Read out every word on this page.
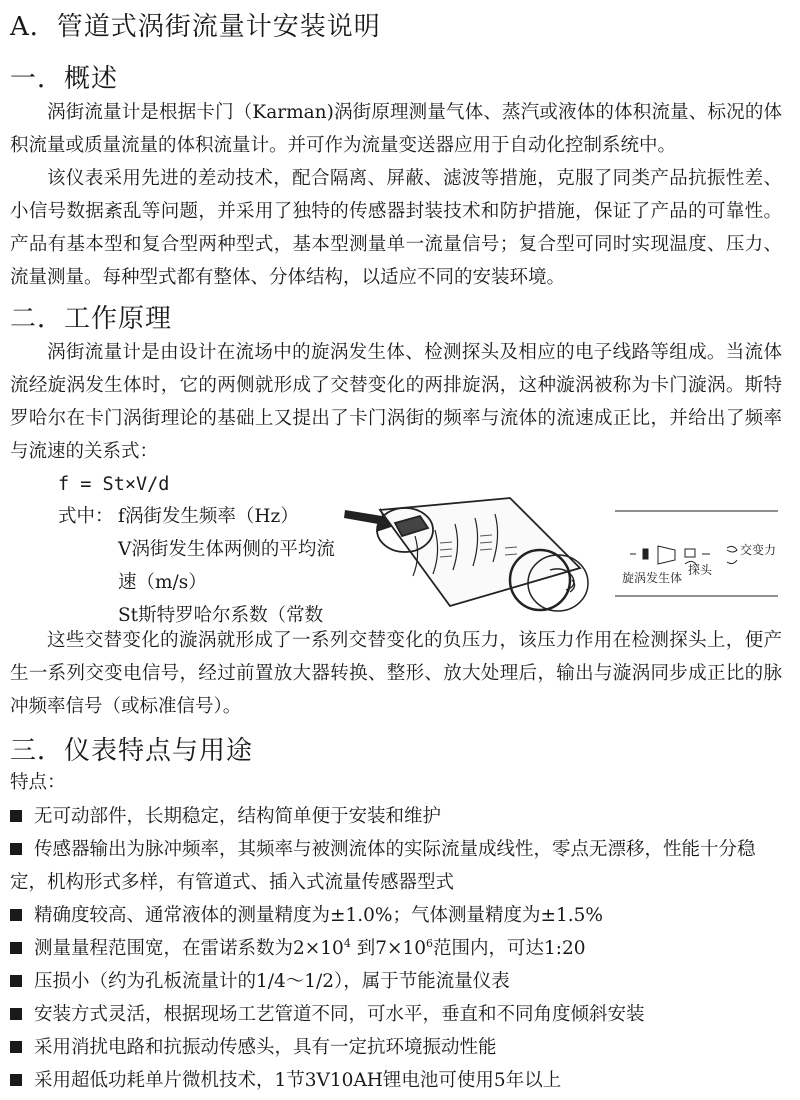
A．管道式涡街流量计安装说明
一．概述

涡街流量计是根据卡门（Karman)涡街原理测量气体、蒸汽或液体的体积流量、标况的体积流量或质量流量的体积流量计。并可作为流量变送器应用于自动化控制系统中。

该仪表采用先进的差动技术，配合隔离、屏蔽、滤波等措施，克服了同类产品抗振性差、小信号数据紊乱等问题，并采用了独特的传感器封装技术和防护措施，保证了产品的可靠性。产品有基本型和复合型两种型式，基本型测量单一流量信号；复合型可同时实现温度、压力、流量测量。每种型式都有整体、分体结构，以适应不同的安装环境。

二．工作原理

涡街流量计是由设计在流场中的旋涡发生体、检测探头及相应的电子线路等组成。当流体流经旋涡发生体时，它的两侧就形成了交替变化的两排旋涡，这种漩涡被称为卡门漩涡。斯特罗哈尔在卡门涡街理论的基础上又提出了卡门涡街的频率与流体的流速成正比，并给出了频率与流速的关系式：

f = St×V/d
式中： f涡街发生频率（Hz）
V涡街发生体两侧的平均流
速（m/s）
St斯特罗哈尔系数（常数
旋涡发生体
探头
交变力

这些交替变化的漩涡就形成了一系列交替变化的负压力，该压力作用在检测探头上，便产生一系列交变电信号，经过前置放大器转换、整形、放大处理后，输出与漩涡同步成正比的脉冲频率信号（或标准信号）。

三．仪表特点与用途
特点：

无可动部件，长期稳定，结构简单便于安装和维护

传感器输出为脉冲频率，其频率与被测流体的实际流量成线性，零点无漂移，性能十分稳定，机构形式多样，有管道式、插入式流量传感器型式

精确度较高、通常液体的测量精度为±1.0%；气体测量精度为±1.5%

测量量程范围宽，在雷诺系数为$2\times 10^4$ 到$7\times 10^6$范围内，可达1:20

压损小（约为孔板流量计的1/4～1/2），属于节能流量仪表

安装方式灵活，根据现场工艺管道不同，可水平，垂直和不同角度倾斜安装

采用消扰电路和抗振动传感头，具有一定抗环境振动性能

采用超低功耗单片微机技术，1节3V10AH锂电池可使用5年以上
